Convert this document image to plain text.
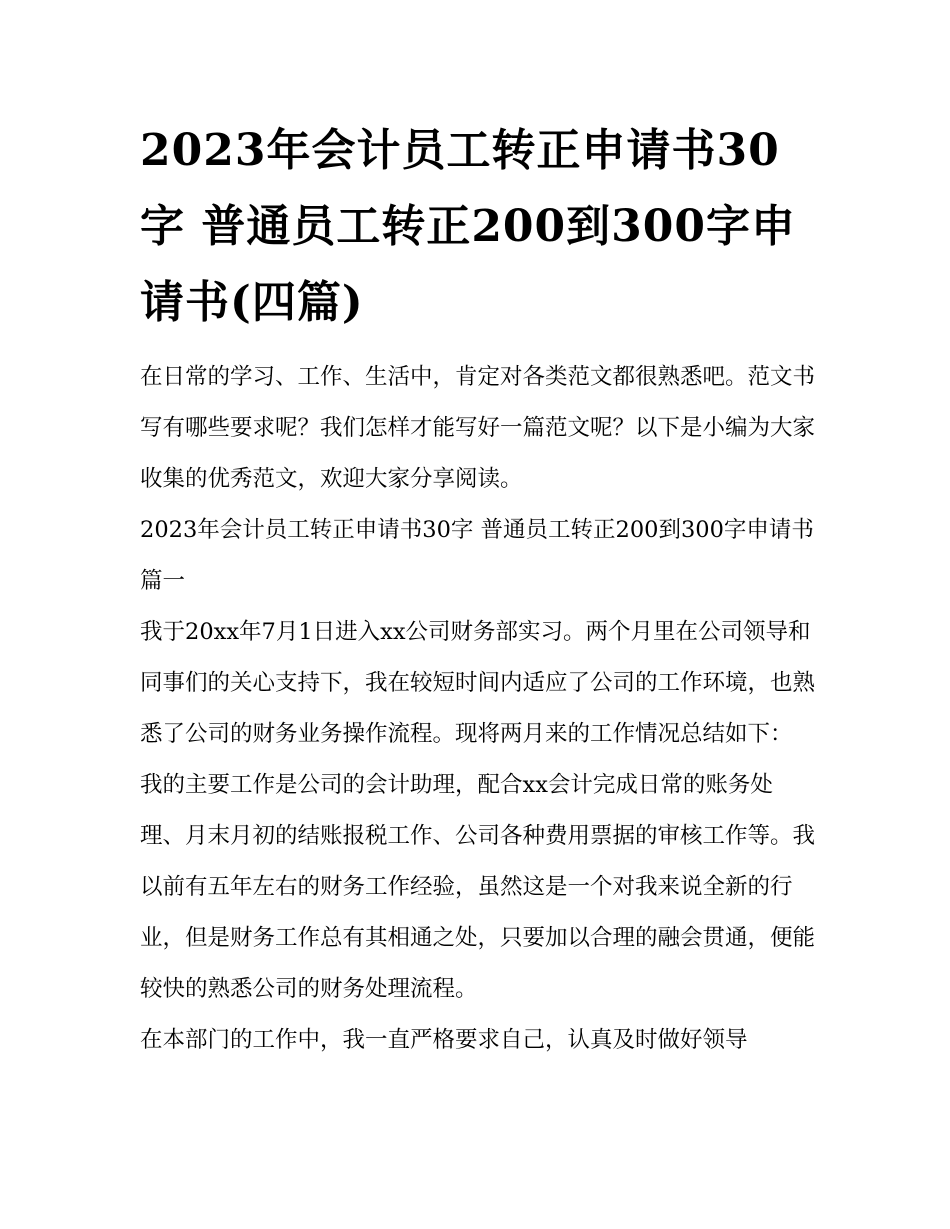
2023年会计员工转正申请书30字 普通员工转正200到300字申请书(四篇)

在日常的学习、工作、生活中，肯定对各类范文都很熟悉吧。范文书写有哪些要求呢？我们怎样才能写好一篇范文呢？以下是小编为大家收集的优秀范文，欢迎大家分享阅读。

2023年会计员工转正申请书30字 普通员工转正200到300字申请书篇一

我于20xx年7月1日进入xx公司财务部实习。两个月里在公司领导和同事们的关心支持下，我在较短时间内适应了公司的工作环境，也熟悉了公司的财务业务操作流程。现将两月来的工作情况总结如下：

我的主要工作是公司的会计助理，配合xx会计完成日常的账务处理、月末月初的结账报税工作、公司各种费用票据的审核工作等。我以前有五年左右的财务工作经验，虽然这是一个对我来说全新的行业，但是财务工作总有其相通之处，只要加以合理的融会贯通，便能较快的熟悉公司的财务处理流程。

在本部门的工作中，我一直严格要求自己，认真及时做好领导
